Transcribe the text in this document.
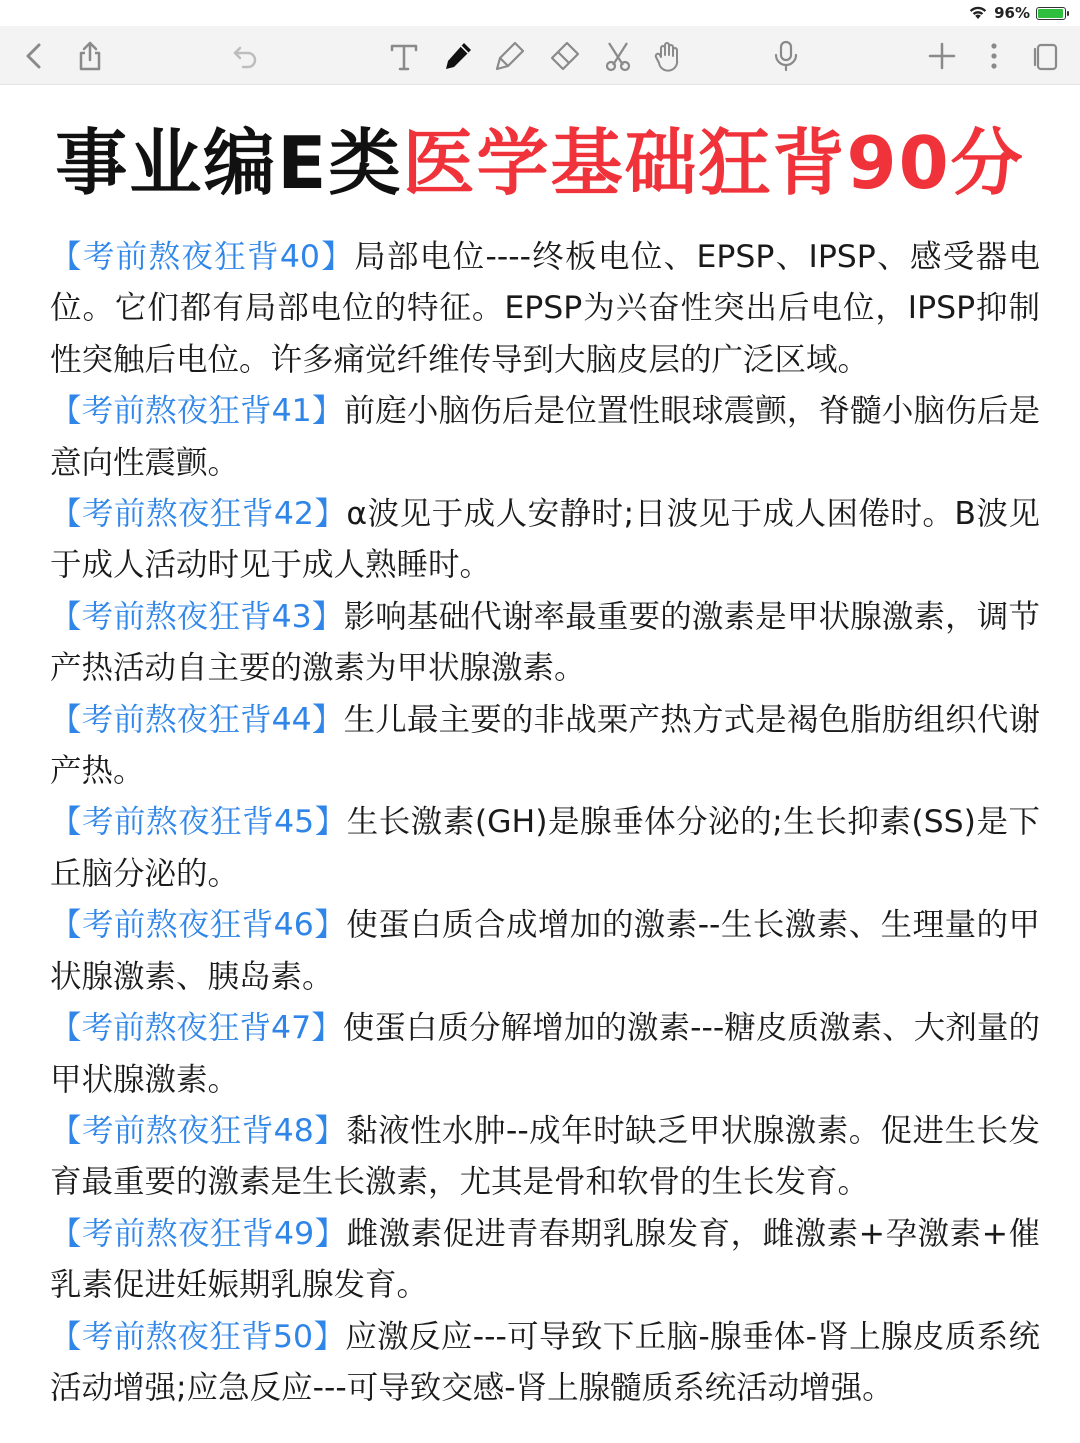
96%
事业编E类医学基础狂背90分

【考前熬夜狂背40】局部电位----终板电位、EPSP、IPSP、感受器电位。它们都有局部电位的特征。EPSP为兴奋性突出后电位，IPSP抑制性突触后电位。许多痛觉纤维传导到大脑皮层的广泛区域。

【考前熬夜狂背41】前庭小脑伤后是位置性眼球震颤，脊髓小脑伤后是意向性震颤。

【考前熬夜狂背42】α波见于成人安静时;日波见于成人困倦时。B波见于成人活动时见于成人熟睡时。

【考前熬夜狂背43】影响基础代谢率最重要的激素是甲状腺激素，调节产热活动自主要的激素为甲状腺激素。

【考前熬夜狂背44】生儿最主要的非战栗产热方式是褐色脂肪组织代谢产热。

【考前熬夜狂背45】生长激素(GH)是腺垂体分泌的;生长抑素(SS)是下丘脑分泌的。

【考前熬夜狂背46】使蛋白质合成增加的激素--生长激素、生理量的甲状腺激素、胰岛素。

【考前熬夜狂背47】使蛋白质分解增加的激素---糖皮质激素、大剂量的甲状腺激素。

【考前熬夜狂背48】黏液性水肿--成年时缺乏甲状腺激素。促进生长发育最重要的激素是生长激素，尤其是骨和软骨的生长发育。

【考前熬夜狂背49】雌激素促进青春期乳腺发育，雌激素+孕激素+催乳素促进妊娠期乳腺发育。

【考前熬夜狂背50】应激反应---可导致下丘脑-腺垂体-肾上腺皮质系统活动增强;应急反应---可导致交感-肾上腺髓质系统活动增强。
